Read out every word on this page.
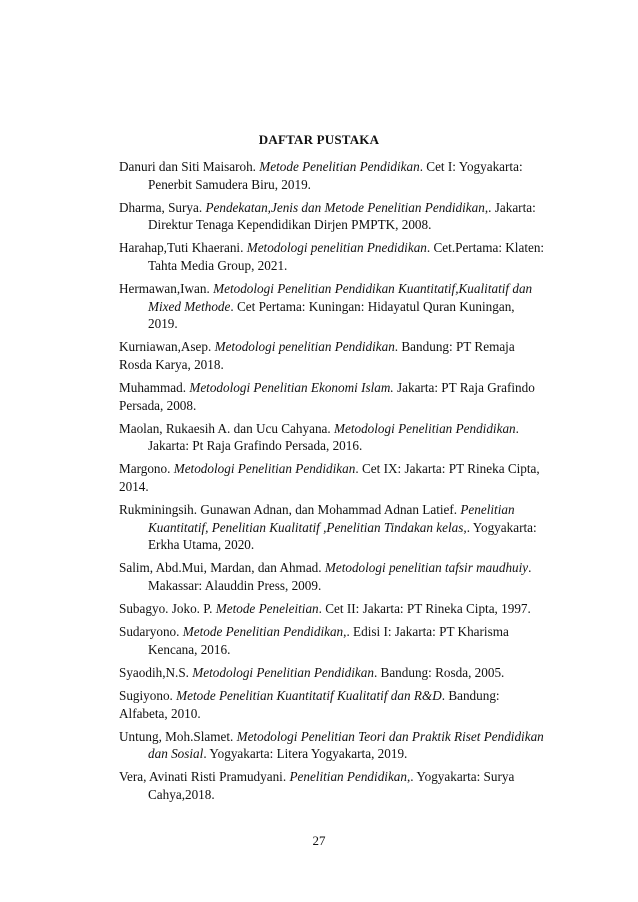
DAFTAR PUSTAKA
Danuri dan Siti Maisaroh. Metode Penelitian Pendidikan. Cet I: Yogyakarta: Penerbit Samudera Biru, 2019.
Dharma, Surya. Pendekatan,Jenis dan Metode Penelitian Pendidikan,. Jakarta: Direktur Tenaga Kependidikan Dirjen PMPTK, 2008.
Harahap,Tuti Khaerani. Metodologi penelitian Pnedidikan. Cet.Pertama: Klaten: Tahta Media Group, 2021.
Hermawan,Iwan. Metodologi Penelitian Pendidikan Kuantitatif,Kualitatif dan Mixed Methode. Cet Pertama: Kuningan: Hidayatul Quran Kuningan, 2019.
Kurniawan,Asep. Metodologi penelitian Pendidikan. Bandung: PT Remaja Rosda Karya, 2018.
Muhammad. Metodologi Penelitian Ekonomi Islam. Jakarta: PT Raja Grafindo Persada, 2008.
Maolan, Rukaesih A. dan Ucu Cahyana. Metodologi Penelitian Pendidikan. Jakarta: Pt Raja Grafindo Persada, 2016.
Margono. Metodologi Penelitian Pendidikan. Cet IX: Jakarta: PT Rineka Cipta, 2014.
Rukminingsih. Gunawan Adnan, dan Mohammad Adnan Latief. Penelitian Kuantitatif, Penelitian Kualitatif ,Penelitian Tindakan kelas,. Yogyakarta: Erkha Utama, 2020.
Salim, Abd.Mui, Mardan, dan Ahmad. Metodologi penelitian tafsir maudhuiy. Makassar: Alauddin Press, 2009.
Subagyo. Joko. P. Metode Peneleitian. Cet II: Jakarta: PT Rineka Cipta, 1997.
Sudaryono. Metode Penelitian Pendidikan,. Edisi I: Jakarta: PT Kharisma Kencana, 2016.
Syaodih,N.S. Metodologi Penelitian Pendidikan. Bandung: Rosda, 2005.
Sugiyono. Metode Penelitian Kuantitatif Kualitatif dan R&D. Bandung: Alfabeta, 2010.
Untung, Moh.Slamet. Metodologi Penelitian Teori dan Praktik Riset Pendidikan dan Sosial. Yogyakarta: Litera Yogyakarta, 2019.
Vera, Avinati Risti Pramudyani. Penelitian Pendidikan,. Yogyakarta: Surya Cahya,2018.
27
